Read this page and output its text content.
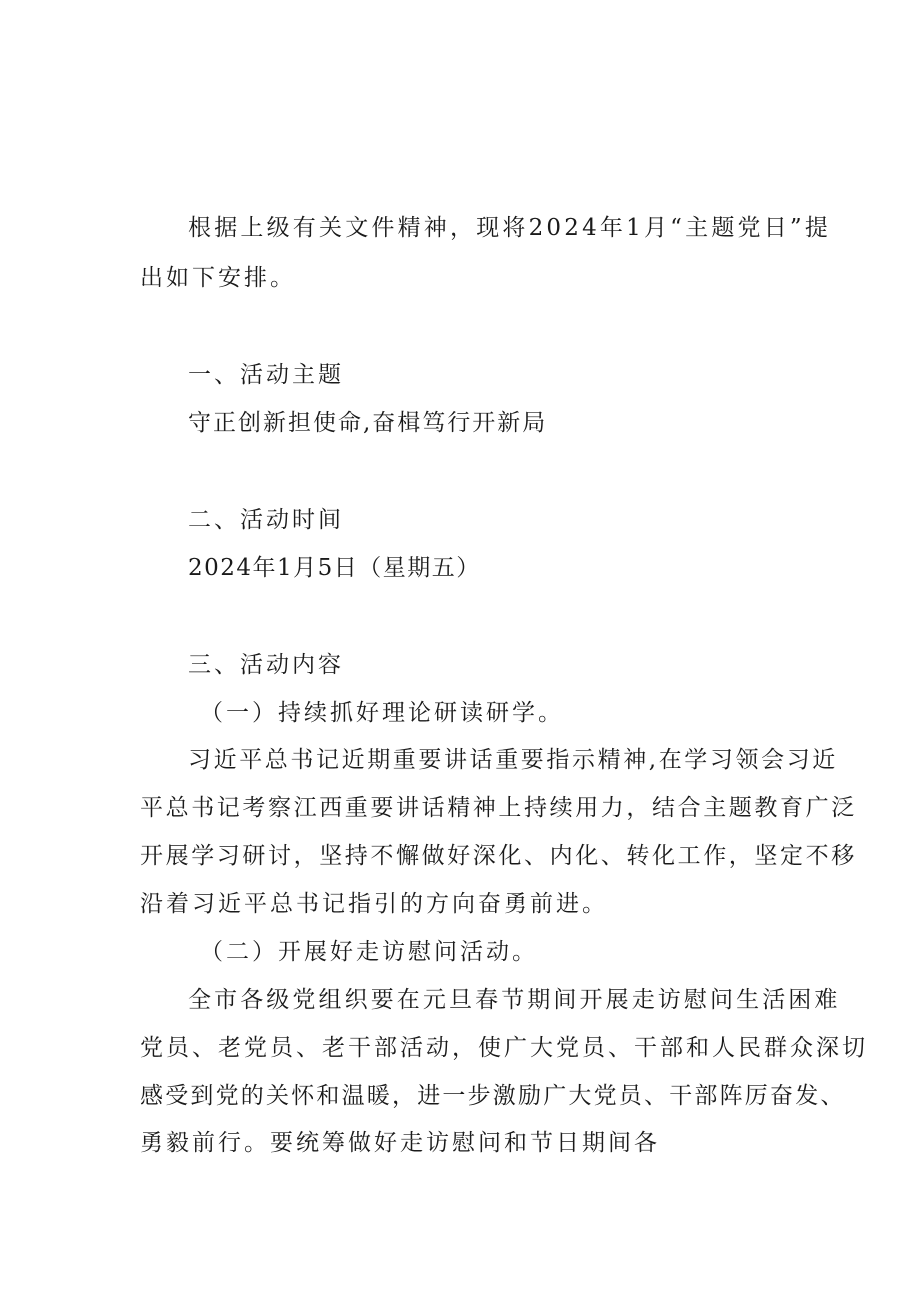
根据上级有关文件精神，现将2024年1月“主题党日”提
出如下安排。
一、活动主题
守正创新担使命,奋楫笃行开新局
二、活动时间
2024年1月5日（星期五）
三、活动内容
（一）持续抓好理论研读研学。
习近平总书记近期重要讲话重要指示精神,在学习领会习近
平总书记考察江西重要讲话精神上持续用力，结合主题教育广泛
开展学习研讨，坚持不懈做好深化、内化、转化工作，坚定不移
沿着习近平总书记指引的方向奋勇前进。
（二）开展好走访慰问活动。
全市各级党组织要在元旦春节期间开展走访慰问生活困难
党员、老党员、老干部活动，使广大党员、干部和人民群众深切
感受到党的关怀和温暖，进一步激励广大党员、干部阵厉奋发、
勇毅前行。要统筹做好走访慰问和节日期间各
